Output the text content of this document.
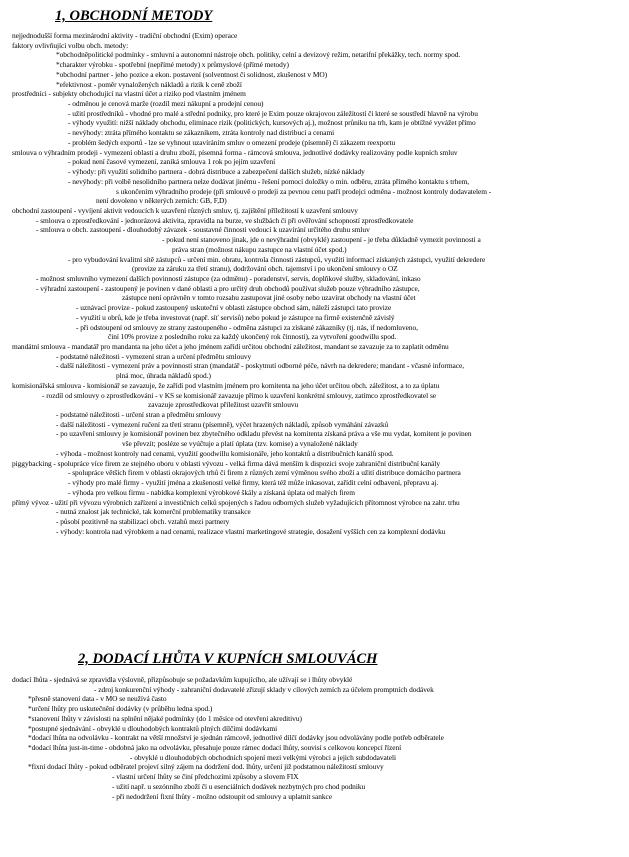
1, OBCHODNÍ METODY
nejjednodušší forma mezinárodní aktivity - tradiční obchodní (Exim) operace
faktory ovlivňující volbu obch. metody:
*obchodněpolitické podmínky - smluvní a autonomní nástroje obch. politiky, celní a devizový režim, netarifní překážky, tech. normy spod.
*charakter výrobku - spotřební (nepřímé metody) x průmyslové (přímé metody)
*obchodní partner - jeho pozice a ekon. postavení (solventnost či solidnost, zkušenost v MO)
*efektivnost - poměr vynaložených nákladů a rizik k ceně zboží
prostředníci - subjekty obchodující na vlastní účet a riziko pod vlastním jménem
- odměnou je cenová marže (rozdíl mezi nákupní a prodejní cenou)
- užití prostředníků - vhodné pro malé a střední podniky, pro které je Exim pouze okrajovou záležitostí či které se soustředí hlavně na výrobu
- výhody využití: nižší náklady obchodu, eliminace rizik (politických, kursových aj.), možnost průniku na trh, kam je obtížné vyvážet přímo
- nevýhody: ztráta přímého kontaktu se zákazníkem, ztráta kontroly nad distribucí a cenami
- problém šedých exportů - lze se vyhnout uzavíráním smluv o omezení prodeje (písemně) či zákazem reexportu
smlouva o výhradním prodeji - vymezení oblasti a druhu zboží, písemná forma - rámcová smlouva, jednotlivé dodávky realizovány podle kupních smluv
- pokud není časové vymezení, zaniká smlouva 1 rok po jejím uzavření
- výhody: při využití solidního partnera - dobrá distribuce a zabezpečení dalších služeb, nízké náklady
- nevýhody: při volbě nesolidního partnera nelze dodávat jinému - řešení pomocí doložky o min. odběru, ztráta přímého kontaktu s trhem,
s ukončením výhradního prodeje (při smlouvě o prodeji za pevnou cenu patří prodejci odměna - možnost kontroly dodavatelem -
není dovoleno v některých zemích: GB, F,D)
obchodní zastoupení - vyvíjení aktivit vedoucích k uzavření různých smluv, tj. zajištění příležitostí k uzavření smlouvy
- smlouva o zprostředkování - jednorázová aktivita, zpravidla na burze, ve službách či při ověřování schopností zprostředkovatele
- smlouva o obch. zastoupení - dlouhodobý závazek - soustavné činnosti vedoucí k uzavírání určitého druhu smluv
- pokud není stanoveno jinak, jde o nevýhradní (obvyklé) zastoupení - je třeba důkladně vymezit povinnosti a
práva stran (možnost nákupu zastupce na vlastní účet spod.)
- pro vybudování kvalitní sítě zástupců - určení min. obratu, kontrola činnosti zástupců, využití informací získaných zástupci, využití dekredere
(provize za záruku za třetí stranu), dodržování obch. tajemství i po ukončení smlouvy o OZ
- možnost smluvního vymezení dalších povinností zástupce (za odměnu) - poradenství, servis, doplňkové služby, skladování, inkaso
- výhradní zastoupení - zastoupený je povinen v dané oblasti a pro určitý druh obchodů používat služeb pouze výhradního zástupce,
zástupce není oprávněn v tomto rozsahu zastupovat jiné osoby nebo uzavírat obchody na vlastní účet
- uznávací provize - pokud zastoupený uskuteční v oblasti zástupce obchod sám, náleží zástupci tato provize
- využití u obrů, kde je třeba investovat (např. síť servisů) nebo pokud je zástupce na firmě existenčně závislý
- při odstoupení od smlouvy ze strany zastoupeného - odměna zástupci za získané zákazníky (tj. nás, if nedomluveno,
činí 10% provize z posledního roku za každý ukončený rok činnosti), za vytvoření goodwillu spod.
mandátní smlouva - mandatář pro mandanta na jeho účet a jeho jménem zařídí určitou obchodní záležitost, mandant se zavazuje za to zaplatit odměnu
- podstatné náležitosti - vymezení stran a určení předmětu smlouvy
- další náležitosti - vymezení práv a povinností stran (mandatář - poskytnutí odborné péče, návrh na dekredere; mandant - včasné informace,
plná moc, úhrada nákladů spod.)
komisionářská smlouva - komisionář se zavazuje, že zařídí pod vlastním jménem pro komitenta na jeho účet určitou obch. záležitost, a to za úplatu
- rozdíl od smlouvy o zprostředkování - v KS se komisionář zavazuje přímo k uzavření konkrétní smlouvy, zatímco zprostředkovatel se
zavazuje zprostředkovat příležitost uzavřít smlouvu
- podstatné náležitosti - určení stran a předmětu smlouvy
- další náležitosti - vymezení ručení za třetí stranu (písemně), výčet hrazených nákladů, způsob vymáhání závazků
- po uzavření smlouvy je komisionář povinen bez zbytečného odkladu převést na komitenta získaná práva a vše mu vydat, komitent je povinen
vše převzít; posléze se vyúčtuje a platí úplata (tzv. komise) a vynaložené náklady
- výhoda - možnost kontroly nad cenami, využití goodwillu komisionáře, jeho kontaktů a distribučních kanálů spod.
piggybacking - spolupráce více firem ze stejného oboru v oblasti vývozu - velká firma dává menším k dispozici svoje zahraniční distribuční kanály
- spolupráce větších firem v oblasti okrajových trhů či firem z různých zemí výměnou svého zboží a užití distribuce domácího partnera
- výhody pro malé firmy - využití jména a zkušeností velké firmy, která též může inkasovat, zařídit celní odbavení, přepravu aj.
- výhoda pro velkou firmu - nabídka komplexní výrobkové škály a získaná úplata od malých firem
přímý vývoz - užití při vývozu výrobních zařízení a investičních celků spojených s řadou odborných služeb vyžadujících přítomnost výrobce na zahr. trhu
- nutná znalost jak technické, tak komerční problematiky transakce
- působí pozitivně na stabilizaci obch. vztahů mezi partnery
- výhody: kontrola nad výrobkem a nad cenami, realizace vlastní marketingové strategie, dosažení vyšších cen za komplexní dodávku
2, DODACÍ LHŮTA V KUPNÍCH SMLOUVÁCH
dodací lhůta - sjednává se zpravidla výslovně, přizpůsobuje se požadavkům kupujícího, ale užívají se i lhůty obvyklé
- zdroj konkurenční výhody - zahraniční dodavatelé zřizují sklady v cílových zemích za účelem promptních dodávek
*přesně stanovení data - v MO se neužívá často
*určení lhůty pro uskutečnění dodávky (v průběhu ledna spod.)
*stanovení lhůty v závislosti na splnění nějaké podmínky (do 1 měsíce od otevření akreditivu)
*postupné sjednávání - obvyklé u dlouhodobých kontraktů plných dílčími dodávkami
*dodací lhůta na odvolávku - kontrakt na větší množství je sjednán rámcově, jednotlivé dílčí dodávky jsou odvolávány podle potřeb odběratele
*dodací lhůta just-in-time - obdobná jako na odvolávku, přesahuje pouze rámec dodací lhůty, souvisí s celkovou koncepcí řízení
- obvyklé u dlouhodobých obchodních spojení mezi velkými výrobci a jejich subdodavateli
*fixní dodací lhůty - pokud odběratel projeví silný zájem na dodržení dod. lhůty, určení již podstatnou náležitostí smlouvy
- vlastní určení lhůty se činí předchozími způsoby a slovem FIX
- užití např. u sezónního zboží či u esenciálních dodávek nezbytných pro chod podniku
- při nedodržení fixní lhůty - možno odstoupit od smlouvy a uplatnit sankce
